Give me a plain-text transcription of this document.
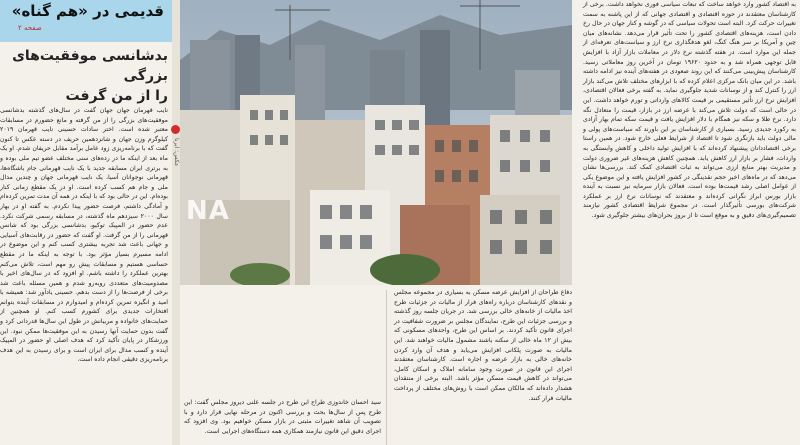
قدیمی در «هم گناه»
صفحه ۲
بدشانسی موفقیت‌های بزرگی
را از من گرفت

نایب قهرمان جهان جهان گفت در سال‌های گذشته بدشانسی موفقیت‌های بزرگی را از من گرفته و مانع حضورم در مسابقات معتبر شده است. اختر سادات حسینی نایب قهرمان ۲۰۱۹ کیلوگرم وزن جهان و شانزدهمین حریف در دسته عکس تا کنون گفت که با برنامه‌ریزی زود عامل برآمد مقابل حریفان شدم. او یک ماه بعد از اینکه ما در رده‌های سنی مختلف عضو تیم ملی بوده و به برتری ایران مسابقه جدید با یک نایب قهرمانی جام باشگاه‌ها، قهرمانی نوجوانان آسیا، یک نایب قهرمانی جهان و چندین مدال ملی و جام هم کسب کرده است. او در یک مقطع زمانی کنار بوده‌ام. این در حالی بود که با اینکه در همه آن مدت تمرین کرده‌ام و آمادگی داشتم، فرصت حضور پیدا نکردم. به گفته او در بهار سال ۲۰۰۰ سیزدهم ماه گذشته، در مسابقه رسمی شرکت نکرد. عدم حضور در المپیک توکیو، بدشانسی بزرگی بود که شانس قهرمانی را از من گرفت. او گفت که حضور در رقابت‌های آسیایی و جهانی باعث شد تجربه بیشتری کسب کنم و این موضوع در ادامه مسیرم بسیار مؤثر بود. با توجه به اینکه ما در مقطع حساسی هستیم و مسابقات پیش رو مهم است، تلاش می‌کنم بهترین عملکرد را داشته باشم. او افزود که در سال‌های اخیر با مصدومیت‌های متعددی روبه‌رو شدم و همین مسئله باعث شد برخی از فرصت‌ها را از دست بدهم. حسینی یادآور شد: همیشه با امید و انگیزه تمرین کرده‌ام و امیدوارم در مسابقات آینده بتوانم افتخارات جدیدی برای کشورم کسب کنم. او همچنین از حمایت‌های خانواده و مربیانش در طول این سال‌ها قدردانی کرد و گفت بدون حمایت آنها رسیدن به این موفقیت‌ها ممکن نبود. این ورزشکار در پایان تأکید کرد که هدف اصلی او حضور در المپیک آینده و کسب مدال برای ایران است و برای رسیدن به این هدف برنامه‌ریزی دقیقی انجام داده است.

عکس: ایرنا
NA

دفاع طراحان از افزایش عرضه مسکن به بسیاری در مجموعه مجلس و نقدهای کارشناسان درباره راه‌های فرار از مالیات در جزئیات طرح اخذ مالیات از خانه‌های خالی بررسی شد. در جریان جلسه روز گذشته و بررسی جزئیات این طرح، نمایندگان مجلس بر ضرورت شفافیت در اجرای قانون تأکید کردند. بر اساس این طرح، واحدهای مسکونی که بیش از ۱۲ ماه خالی از سکنه باشند مشمول مالیات خواهند شد. این مالیات به صورت پلکانی افزایش می‌یابد و هدف آن وارد کردن خانه‌های خالی به بازار عرضه و اجاره است. کارشناسان معتقدند اجرای این قانون در صورت وجود سامانه املاک و اسکان کامل، می‌تواند در کاهش قیمت مسکن مؤثر باشد. البته برخی از منتقدان هشدار داده‌اند که مالکان ممکن است با روش‌های مختلف از پرداخت مالیات فرار کنند.

سید احسان خاندوزی طراح این طرح در جلسه علنی دیروز مجلس گفت: این طرح پس از سال‌ها بحث و بررسی اکنون در مرحله نهایی قرار دارد و با تصویب آن شاهد تغییرات مثبتی در بازار مسکن خواهیم بود. وی افزود که اجرای دقیق این قانون نیازمند همکاری همه دستگاه‌های اجرایی است.

به اقتصاد کشور وارد خواهد ساخت که تبعات سیاسی فوری نخواهد داشت. برخی از کارشناسان معتقدند در حوزه اقتصادی و اقتصادی جهانی که از این پاشنه به سمت تغییرات حرکت کرد. البته است تحولات سیاسی که در گوشه و کنار جهان در حال رخ دادن است، هزینه‌های اقتصادی کشور را تحت تأثیر قرار می‌دهد. نشانه‌های میان چین و آمریکا بر سر هنگ کنگ، لغو هدفگذاری نرخ ارز و سیاست‌های تعرفه‌ای از جمله این موارد است. در هفته گذشته نرخ دلار در معاملات بازار آزاد با افزایش قابل توجهی همراه شد و به حدود ۱۹۶۲۰ تومان در آخرین روز معاملاتی رسید. کارشناسان پیش‌بینی می‌کنند که این روند صعودی در هفته‌های آینده نیز ادامه داشته باشد. در این میان بانک مرکزی اعلام کرده که با ابزارهای مختلف تلاش می‌کند بازار ارز را کنترل کند و از نوسانات شدید جلوگیری نماید. به گفته برخی فعالان اقتصادی، افزایش نرخ ارز تأثیر مستقیمی بر قیمت کالاهای وارداتی و تورم خواهد داشت. این در حالی است که دولت تلاش می‌کند با عرضه ارز در بازار، قیمت را متعادل نگه دارد. نرخ طلا و سکه نیز همگام با دلار افزایش یافت و قیمت سکه تمام بهار آزادی به رکورد جدیدی رسید. بسیاری از کارشناسان بر این باورند که سیاست‌های پولی و مالی دولت باید بازنگری شود تا اقتصاد از شرایط فعلی خارج شود. در همین راستا برخی اقتصاددانان پیشنهاد کرده‌اند که با افزایش تولید داخلی و کاهش وابستگی به واردات، فشار بر بازار ارز کاهش یابد. همچنین کاهش هزینه‌های غیر ضروری دولت و مدیریت بهتر منابع ارزی می‌تواند به ثبات اقتصادی کمک کند. بررسی‌ها نشان می‌دهد که در ماه‌های اخیر حجم نقدینگی در کشور افزایش یافته و این موضوع یکی از عوامل اصلی رشد قیمت‌ها بوده است. فعالان بازار سرمایه نیز نسبت به آینده بازار بورس ابراز نگرانی کرده‌اند و معتقدند که نوسانات نرخ ارز بر عملکرد شرکت‌های بورسی تأثیرگذار است. در مجموع شرایط اقتصادی کشور نیازمند تصمیم‌گیری‌های دقیق و به موقع است تا از بروز بحران‌های بیشتر جلوگیری شود.
